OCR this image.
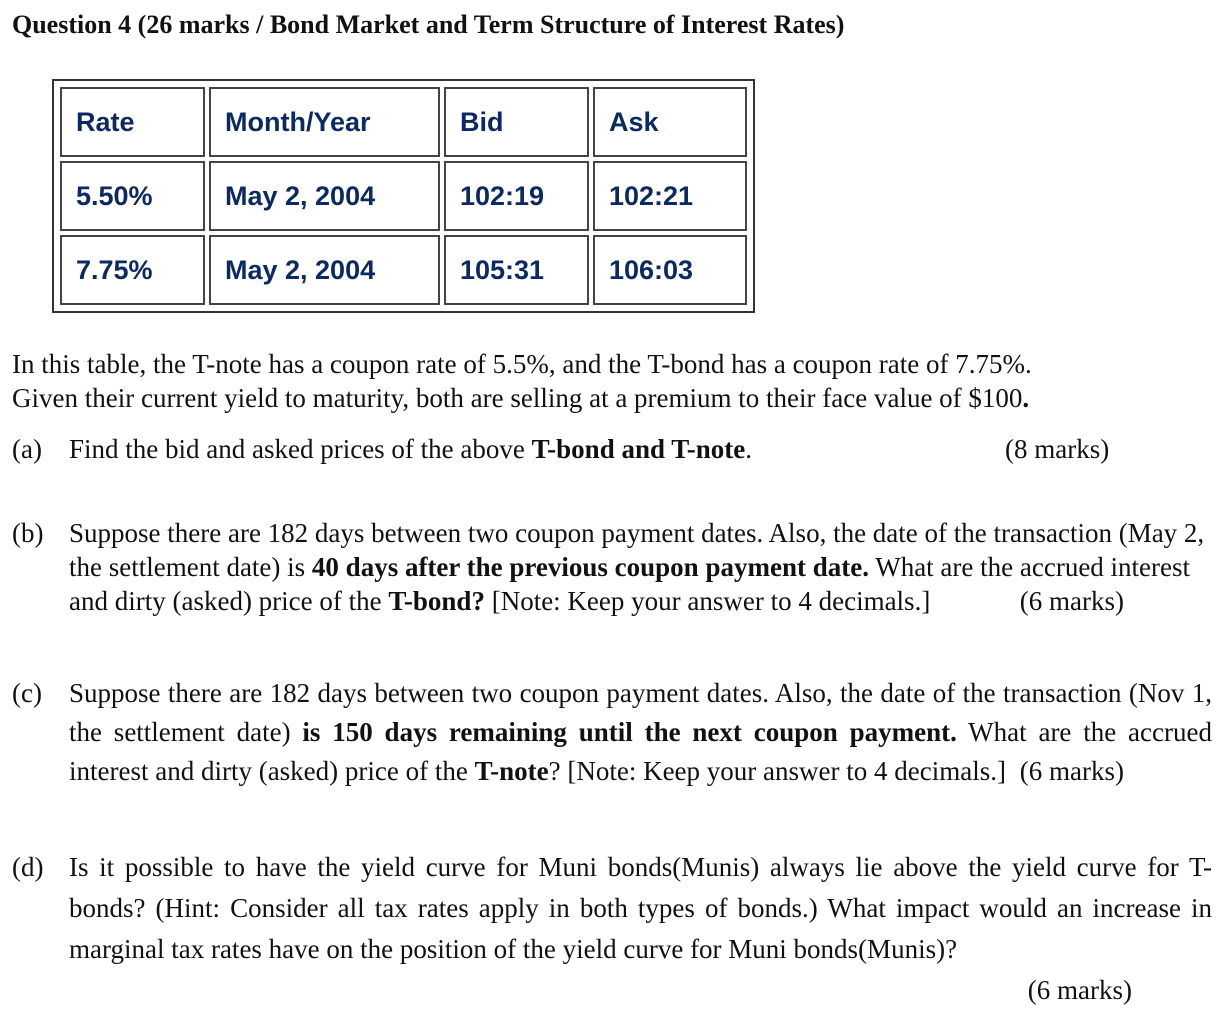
Question 4 (26 marks / Bond Market and Term Structure of Interest Rates)
Rate	Month/Year	Bid	Ask
5.50%	May 2, 2004	102:19	102:21
7.75%	May 2, 2004	105:31	106:03
In this table, the T-note has a coupon rate of 5.5%, and the T-bond has a coupon rate of 7.75%.
Given their current yield to maturity, both are selling at a premium to their face value of $100.
(a) Find the bid and asked prices of the above T-bond and T-note.	(8 marks)
(b) Suppose there are 182 days between two coupon payment dates. Also, the date of the transaction (May 2, the settlement date) is 40 days after the previous coupon payment date. What are the accrued interest and dirty (asked) price of the T-bond? [Note: Keep your answer to 4 decimals.]	(6 marks)
(c) Suppose there are 182 days between two coupon payment dates. Also, the date of the transaction (Nov 1, the settlement date) is 150 days remaining until the next coupon payment. What are the accrued interest and dirty (asked) price of the T-note? [Note: Keep your answer to 4 decimals.] (6 marks)
(d) Is it possible to have the yield curve for Muni bonds(Munis) always lie above the yield curve for T-bonds? (Hint: Consider all tax rates apply in both types of bonds.) What impact would an increase in marginal tax rates have on the position of the yield curve for Muni bonds(Munis)?
(6 marks)
